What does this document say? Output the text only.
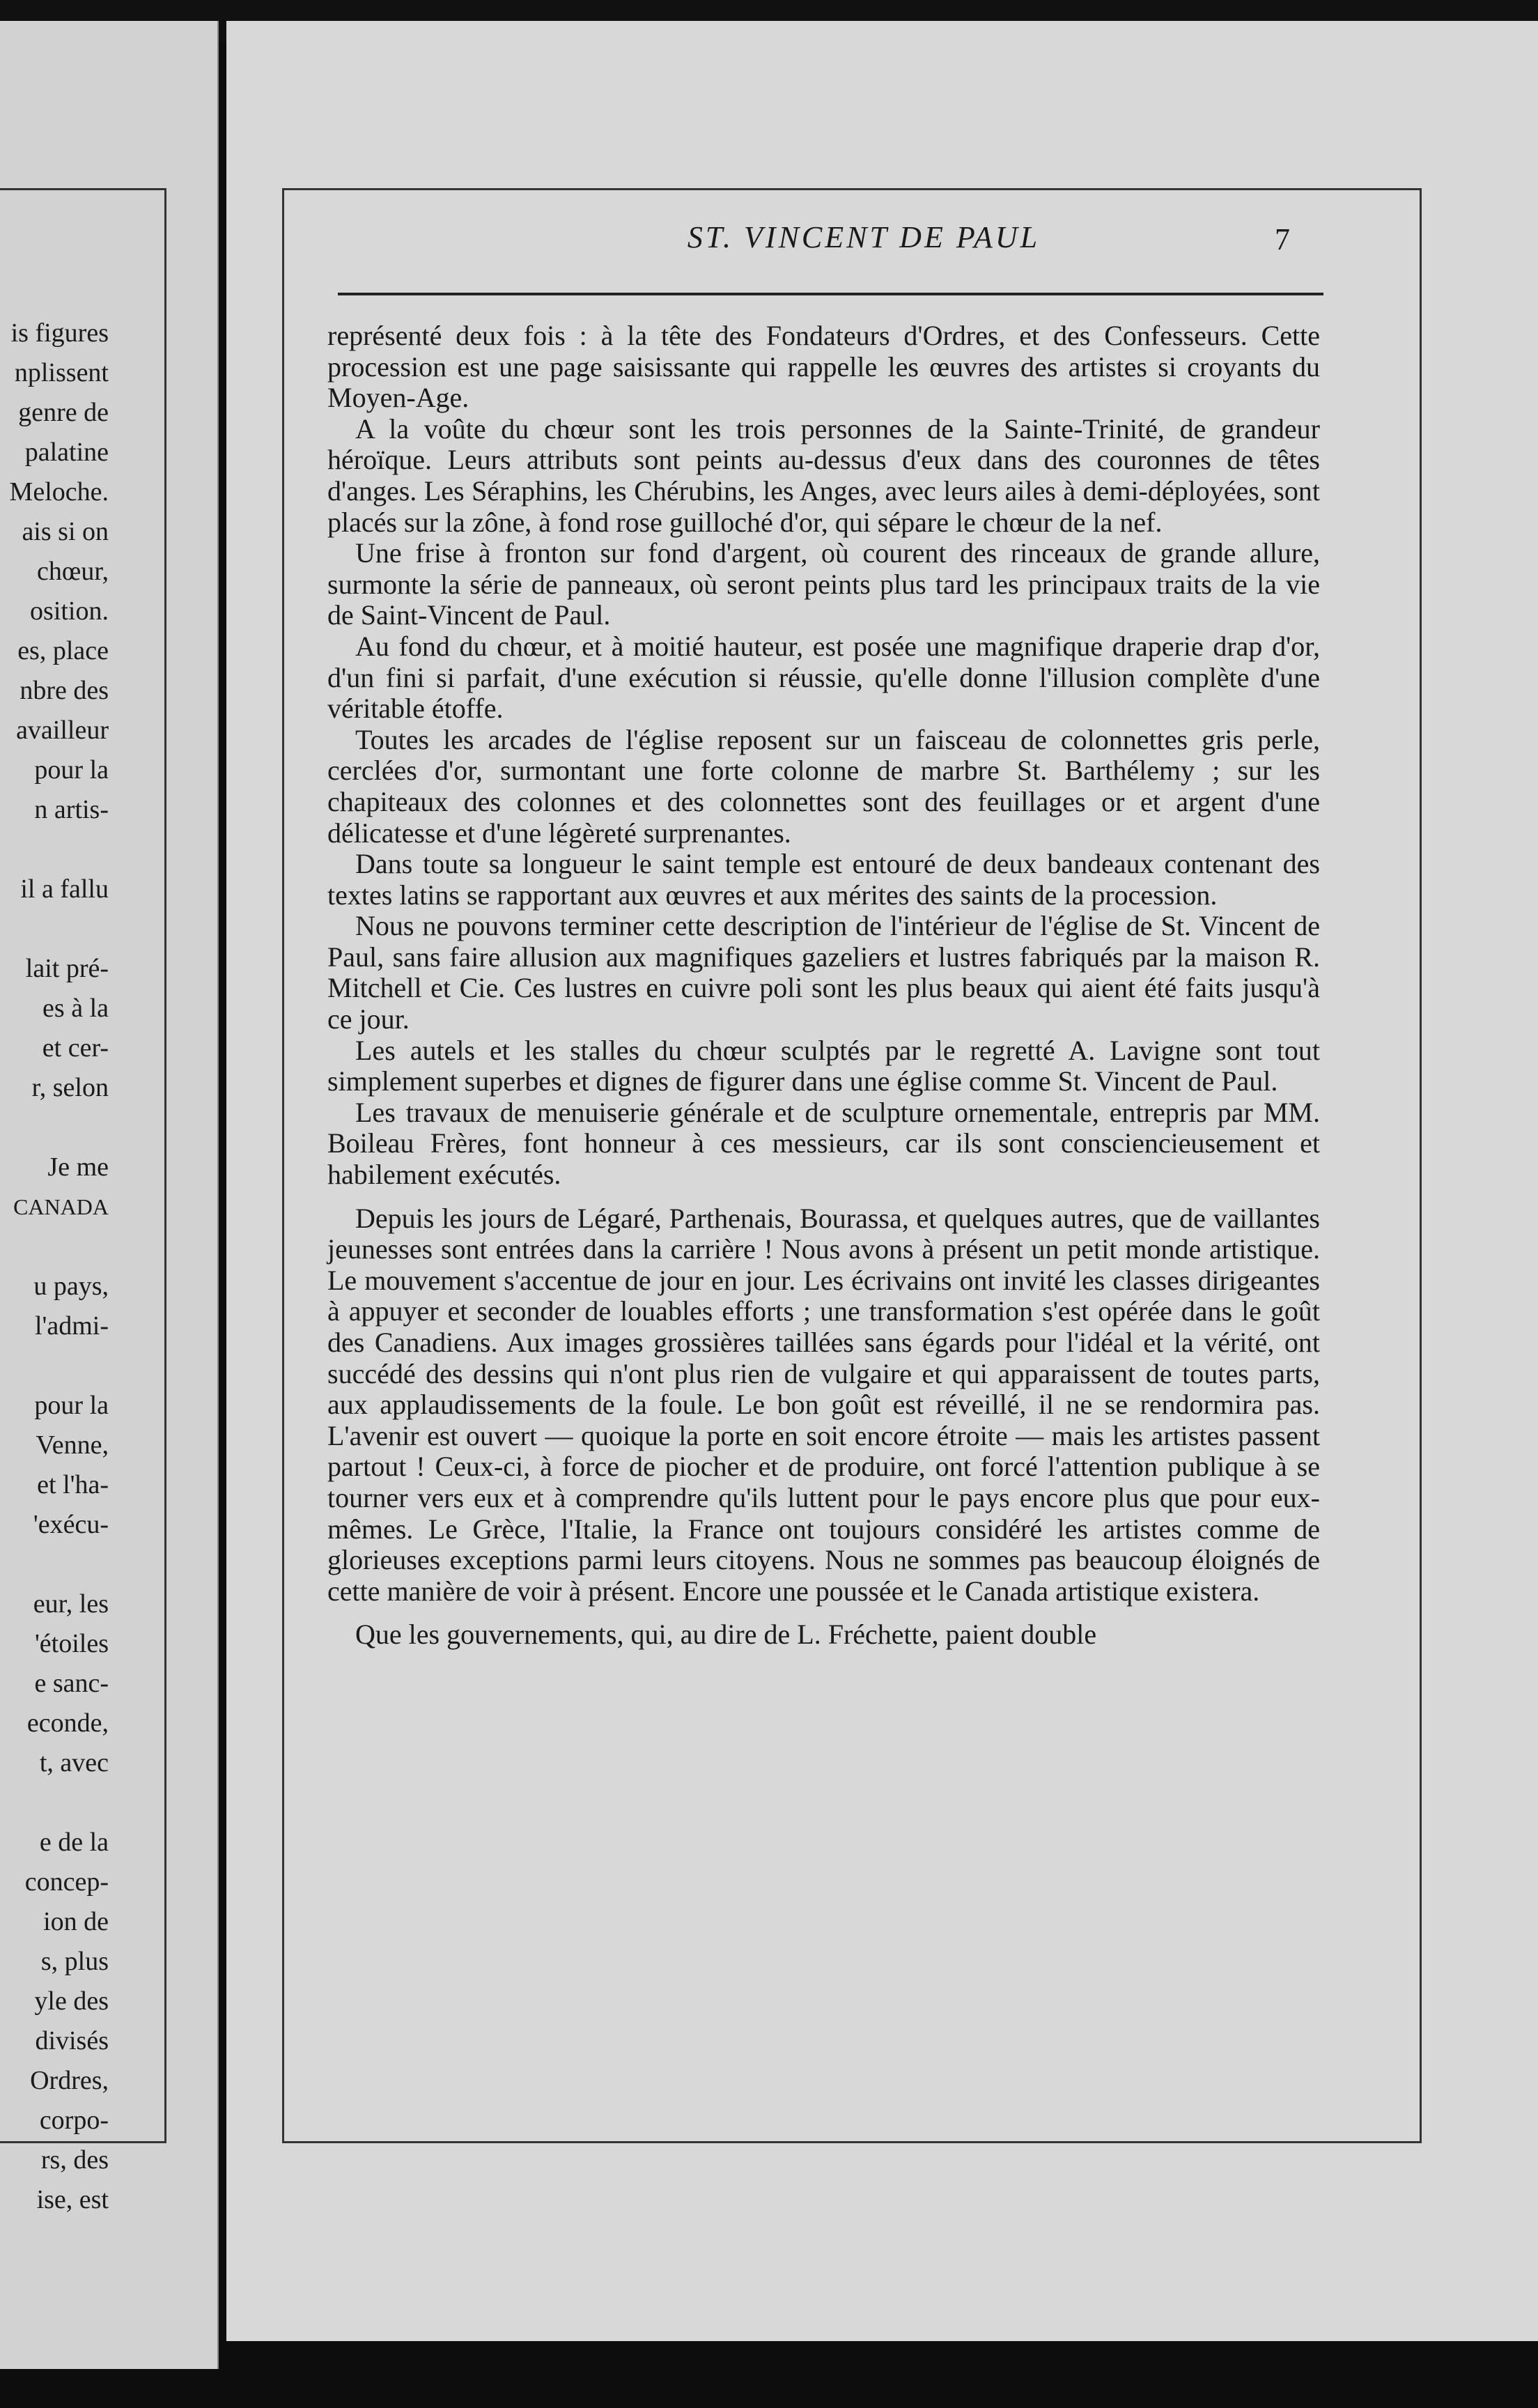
is figures
nplissent
genre de
palatine
Meloche.
ais si on
chœur,
osition.
es, place
nbre des
availleur
pour la
n artis-
il a fallu
lait pré-
es à la
et cer-
r, selon
Je me
CANADA
u pays,
l'admi-
pour la
Venne,
et l'ha-
'exécu-
eur, les
'étoiles
e sanc-
econde,
t, avec
e de la
concep-
ion de
s, plus
yle des
divisés
Ordres,
corpo-
rs, des
ise, est
ST. VINCENT DE PAUL	7

représenté deux fois : à la tête des Fondateurs d'Ordres, et des Confesseurs. Cette procession est une page saisissante qui rappelle les œuvres des artistes si croyants du Moyen-Age.

A la voûte du chœur sont les trois personnes de la Sainte-Trinité, de grandeur héroïque. Leurs attributs sont peints au-dessus d'eux dans des couronnes de têtes d'anges. Les Séraphins, les Chérubins, les Anges, avec leurs ailes à demi-déployées, sont placés sur la zône, à fond rose guilloché d'or, qui sépare le chœur de la nef.

Une frise à fronton sur fond d'argent, où courent des rinceaux de grande allure, surmonte la série de panneaux, où seront peints plus tard les principaux traits de la vie de Saint-Vincent de Paul.

Au fond du chœur, et à moitié hauteur, est posée une magnifique draperie drap d'or, d'un fini si parfait, d'une exécution si réussie, qu'elle donne l'illusion complète d'une véritable étoffe.

Toutes les arcades de l'église reposent sur un faisceau de colonnettes gris perle, cerclées d'or, surmontant une forte colonne de marbre St. Barthélemy ; sur les chapiteaux des colonnes et des colonnettes sont des feuillages or et argent d'une délicatesse et d'une légèreté surprenantes.

Dans toute sa longueur le saint temple est entouré de deux bandeaux contenant des textes latins se rapportant aux œuvres et aux mérites des saints de la procession.

Nous ne pouvons terminer cette description de l'intérieur de l'église de St. Vincent de Paul, sans faire allusion aux magnifiques gazeliers et lustres fabriqués par la maison R. Mitchell et Cie. Ces lustres en cuivre poli sont les plus beaux qui aient été faits jusqu'à ce jour.

Les autels et les stalles du chœur sculptés par le regretté A. Lavigne sont tout simplement superbes et dignes de figurer dans une église comme St. Vincent de Paul.

Les travaux de menuiserie générale et de sculpture ornementale, entrepris par MM. Boileau Frères, font honneur à ces messieurs, car ils sont consciencieusement et habilement exécutés.

Depuis les jours de Légaré, Parthenais, Bourassa, et quelques autres, que de vaillantes jeunesses sont entrées dans la carrière ! Nous avons à présent un petit monde artistique. Le mouvement s'accentue de jour en jour. Les écrivains ont invité les classes dirigeantes à appuyer et seconder de louables efforts ; une transformation s'est opérée dans le goût des Canadiens. Aux images grossières taillées sans égards pour l'idéal et la vérité, ont succédé des dessins qui n'ont plus rien de vulgaire et qui apparaissent de toutes parts, aux applaudissements de la foule. Le bon goût est réveillé, il ne se rendormira pas. L'avenir est ouvert — quoique la porte en soit encore étroite — mais les artistes passent partout ! Ceux-ci, à force de piocher et de produire, ont forcé l'attention publique à se tourner vers eux et à comprendre qu'ils luttent pour le pays encore plus que pour eux-mêmes. Le Grèce, l'Italie, la France ont toujours considéré les artistes comme de glorieuses exceptions parmi leurs citoyens. Nous ne sommes pas beaucoup éloignés de cette manière de voir à présent. Encore une poussée et le Canada artistique existera.

Que les gouvernements, qui, au dire de L. Fréchette, paient double
